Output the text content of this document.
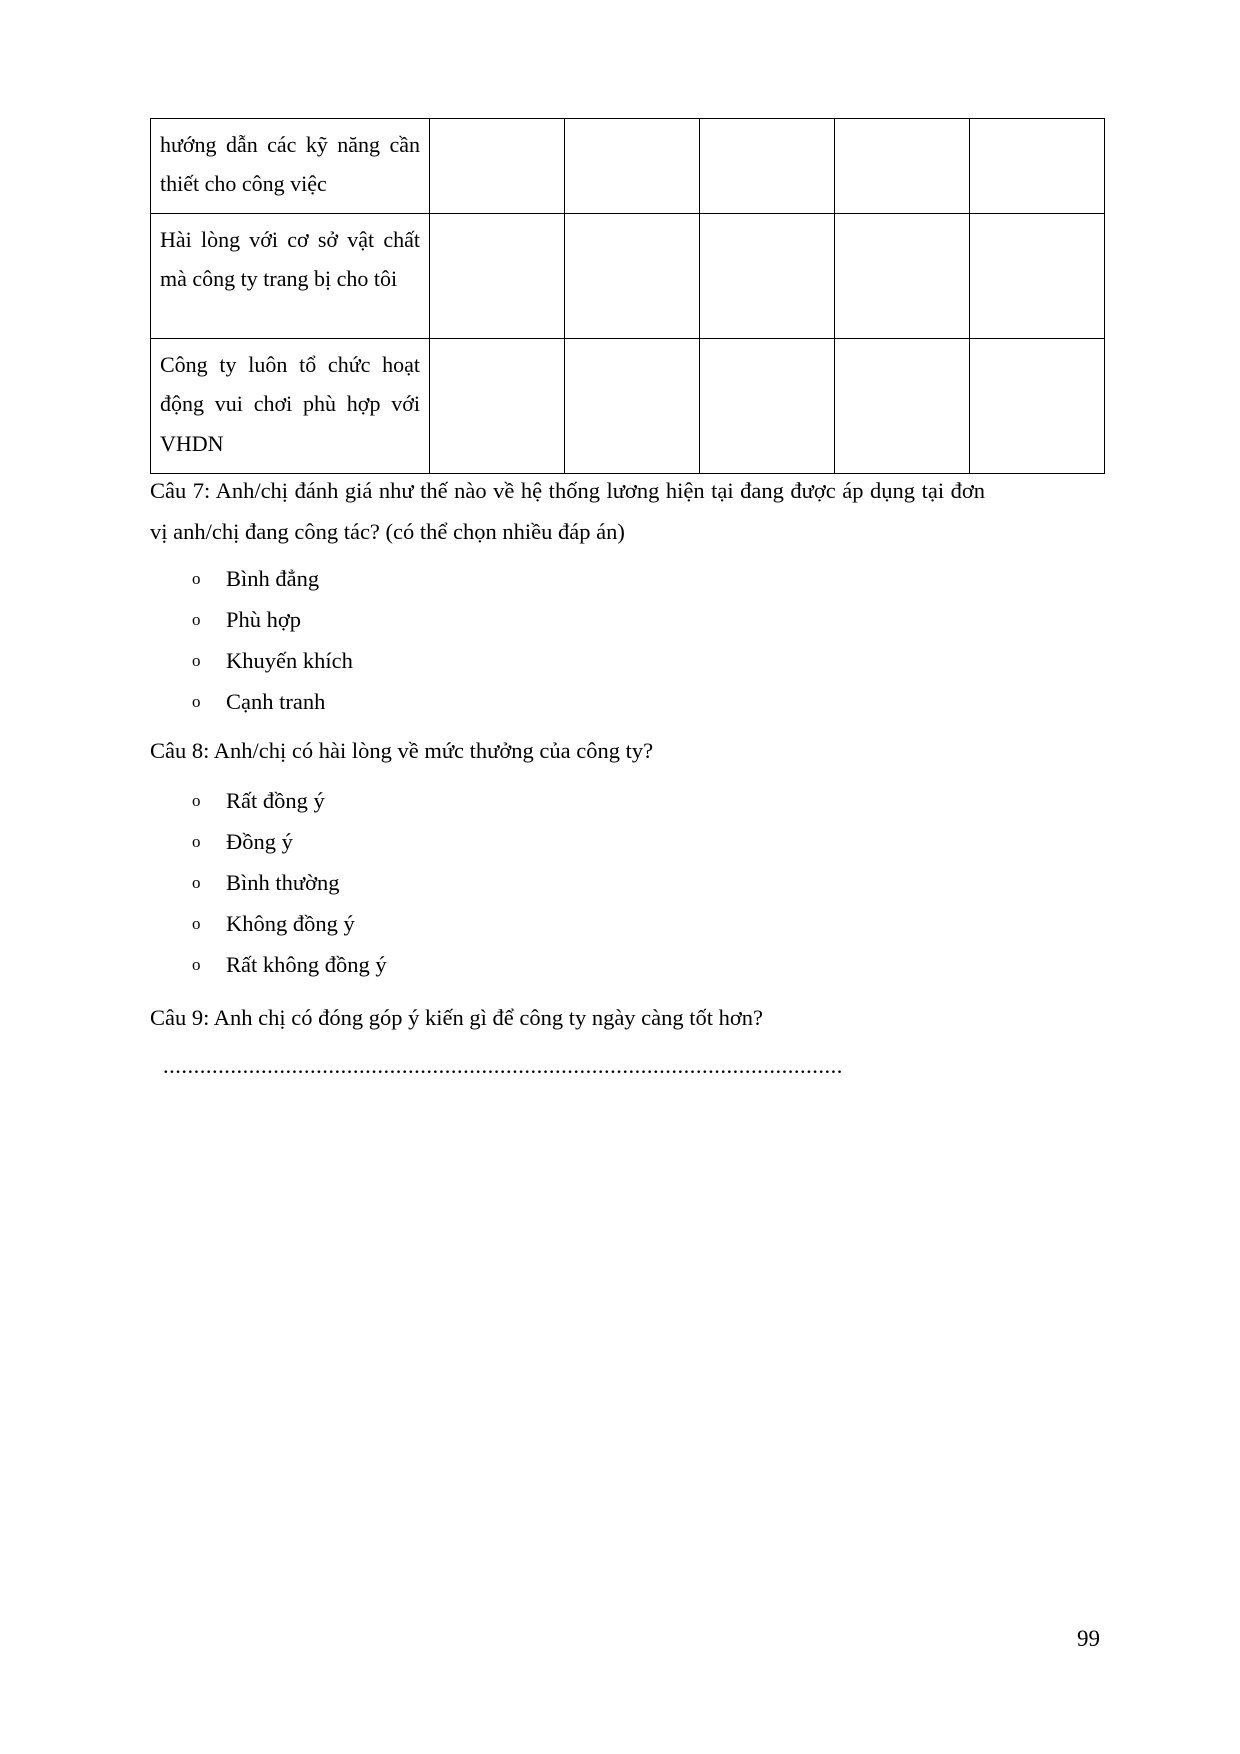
hướng dẫn các kỹ năng cần thiết cho công việc					
Hài lòng với cơ sở vật chất mà công ty trang bị cho tôi					
Công ty luôn tổ chức hoạt động vui chơi phù hợp với VHDN					
Câu 7: Anh/chị đánh giá như thế nào về hệ thống lương hiện tại đang được áp dụng tại đơn vị anh/chị đang công tác? (có thể chọn nhiều đáp án)
o	Bình đẳng
o	Phù hợp
o	Khuyến khích
o	Cạnh tranh
Câu 8: Anh/chị có hài lòng về mức thưởng của công ty?
o	Rất đồng ý
o	Đồng ý
o	Bình thường
o	Không đồng ý
o	Rất không đồng ý
Câu 9: Anh chị có đóng góp ý kiến gì để công ty ngày càng tốt hơn?
...............................................................................................................
99
